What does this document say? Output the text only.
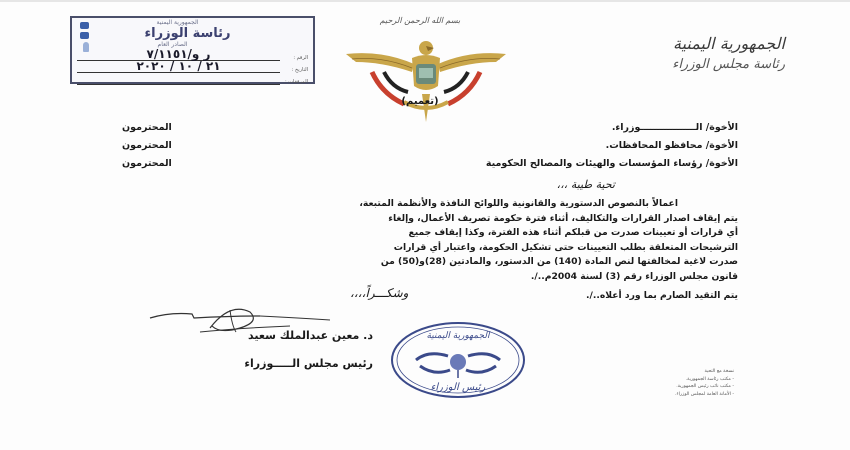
الجمهورية اليمنية
رئاسة الوزراء
الصادر العام
الرقم :
ر و/٧/١١٥١
التاريخ :
٢١ / ١٠ / ٢٠٢٠
المرفقات :
بسم الله الرحمن الرحيم
الجمهورية اليمنية
رئاسة مجلس الوزراء
(تعميم)
الأخوة/ الـــــــــــــــــوزراء.
المحترمون
الأخوة/ محافظو المحافظات.
المحترمون
الأخوة/ رؤساء المؤسسات والهيئات والمصالح الحكومية
المحترمون
تحية طيبة ،،،

اعمالاً بالنصوص الدستورية والقانونية واللوائح النافذة والأنظمة المتبعة،

يتم إيقاف اصدار القرارات والتكاليف، أثناء فترة حكومة تصريف الأعمال، وإلغاء

أي قرارات أو تعيينات صدرت من قبلكم أثناء هذه الفترة، وكذا إيقاف جميع

الترشيحات المتعلقة بطلب التعيينات حتى تشكيل الحكومة، واعتبار أي قرارات

صدرت لاغية لمخالفتها لنص المادة (140) من الدستور، والمادتين (28)و(50) من

قانون مجلس الوزراء رقم (3) لسنة 2004م../.

يتم التقيد الصارم بما ورد أعلاه../.

وشكـــراً،،،،
د. معين عبدالملك سعيد
رئيس مجلس الـــــوزراء
الجمهورية اليمنية
رئيس الوزراء
نسخة مع التحية
- مكتب رئاسة الجمهورية.
- مكتب نائب رئيس الجمهورية.
- الأمانة العامة لمجلس الوزراء.
